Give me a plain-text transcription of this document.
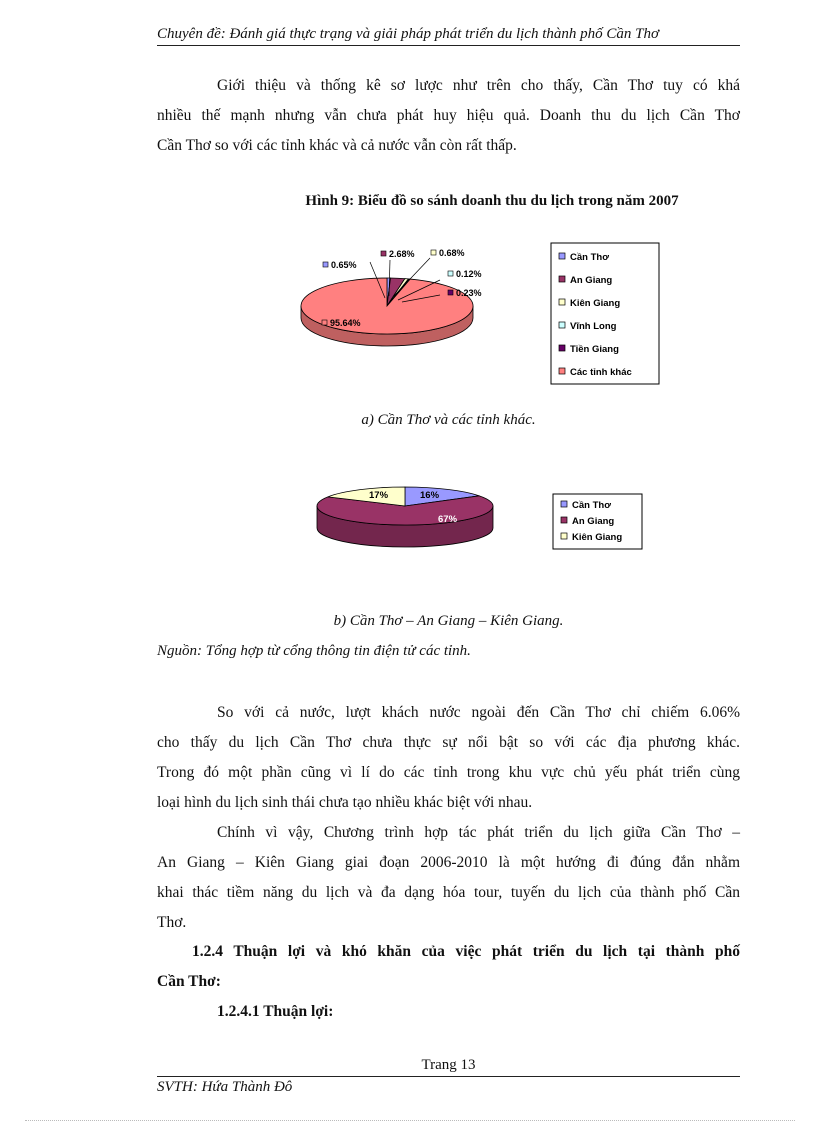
Chuyên đề: Đánh giá thực trạng và giải pháp phát triển du lịch thành phố Cần Thơ

Giới thiệu và thống kê sơ lược như trên cho thấy, Cần Thơ tuy có khá
nhiều thế mạnh nhưng vẫn chưa phát huy hiệu quả. Doanh thu du lịch Cần Thơ
Cần Thơ so với các tỉnh khác và cả nước vẫn còn rất thấp.

Hình 9: Biểu đồ so sánh doanh thu du lịch trong năm 2007
0.65%
2.68%	0.68%
0.12%
0.23%
95.64%
Cần Thơ
An Giang
Kiên Giang
Vĩnh Long
Tiền Giang
Các tỉnh khác
a) Cần Thơ và các tỉnh khác.
16%
67%
17%
Cần Thơ
An Giang
Kiên Giang
b) Cần Thơ – An Giang – Kiên Giang.
Nguồn: Tổng hợp từ cổng thông tin điện tử các tỉnh.

So với cả nước, lượt khách nước ngoài đến Cần Thơ chỉ chiếm 6.06%
cho thấy du lịch Cần Thơ chưa thực sự nổi bật so với các địa phương khác.
Trong đó một phần cũng vì lí do các tỉnh trong khu vực chủ yếu phát triển cùng
loại hình du lịch sinh thái chưa tạo nhiều khác biệt với nhau.

Chính vì vậy, Chương trình hợp tác phát triển du lịch giữa Cần Thơ –
An Giang – Kiên Giang giai đoạn 2006-2010 là một hướng đi đúng đắn nhằm
khai thác tiềm năng du lịch và đa dạng hóa tour, tuyến du lịch của thành phố Cần
Thơ.

1.2.4 Thuận lợi và khó khăn của việc phát triển du lịch tại thành phố
Cần Thơ:
1.2.4.1 Thuận lợi:
Trang 13
SVTH: Hứa Thành Đô
